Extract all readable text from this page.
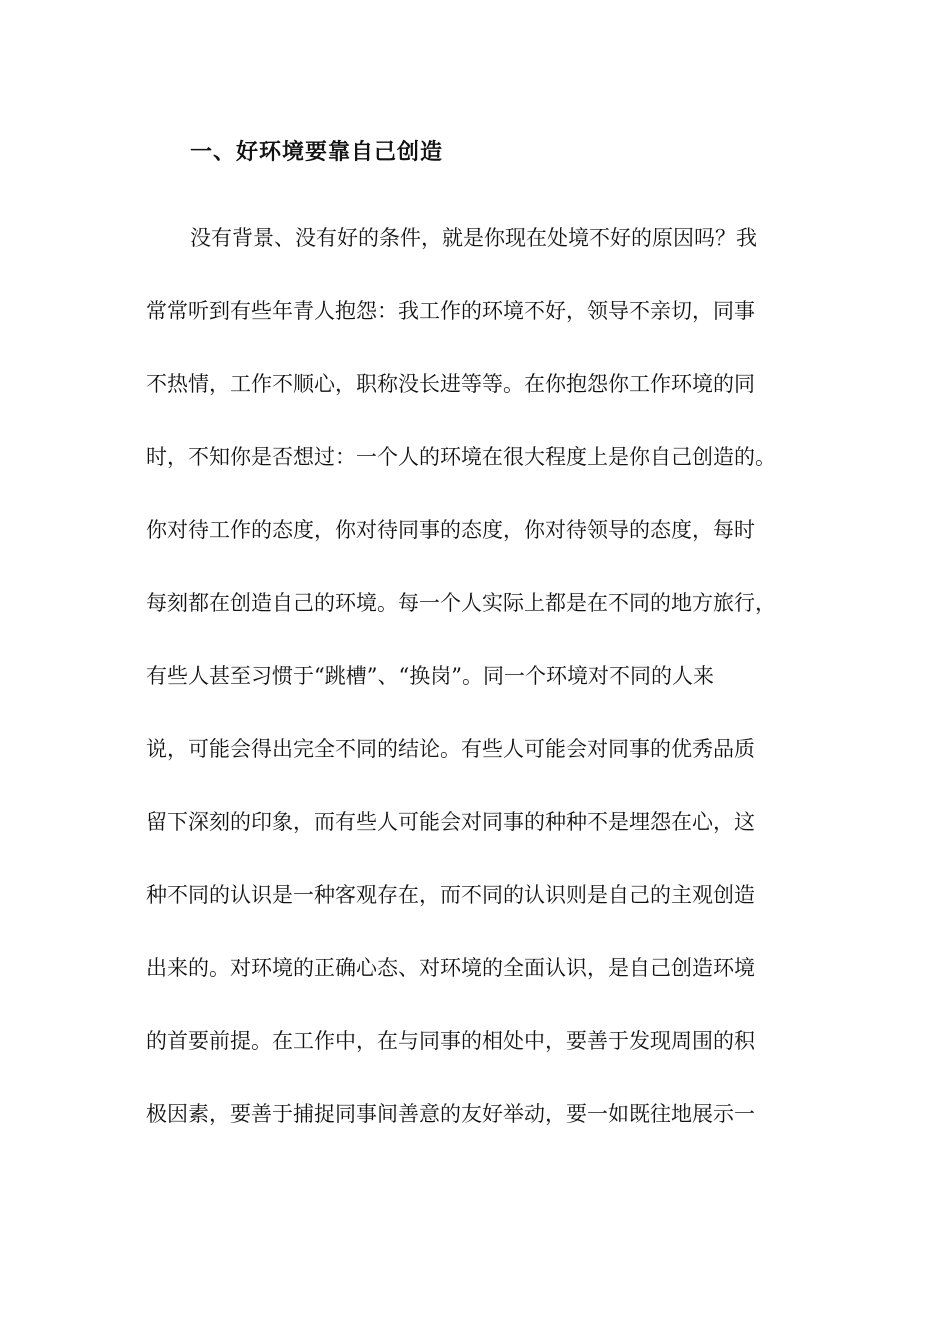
一、好环境要靠自己创造

没有背景、没有好的条件，就是你现在处境不好的原因吗？我

常常听到有些年青人抱怨：我工作的环境不好，领导不亲切，同事

不热情，工作不顺心，职称没长进等等。在你抱怨你工作环境的同

时，不知你是否想过：一个人的环境在很大程度上是你自己创造的。

你对待工作的态度，你对待同事的态度，你对待领导的态度，每时

每刻都在创造自己的环境。每一个人实际上都是在不同的地方旅行，

有些人甚至习惯于“跳槽”、“换岗”。同一个环境对不同的人来

说，可能会得出完全不同的结论。有些人可能会对同事的优秀品质

留下深刻的印象，而有些人可能会对同事的种种不是埋怨在心，这

种不同的认识是一种客观存在，而不同的认识则是自己的主观创造

出来的。对环境的正确心态、对环境的全面认识，是自己创造环境

的首要前提。在工作中，在与同事的相处中，要善于发现周围的积

极因素，要善于捕捉同事间善意的友好举动，要一如既往地展示一
